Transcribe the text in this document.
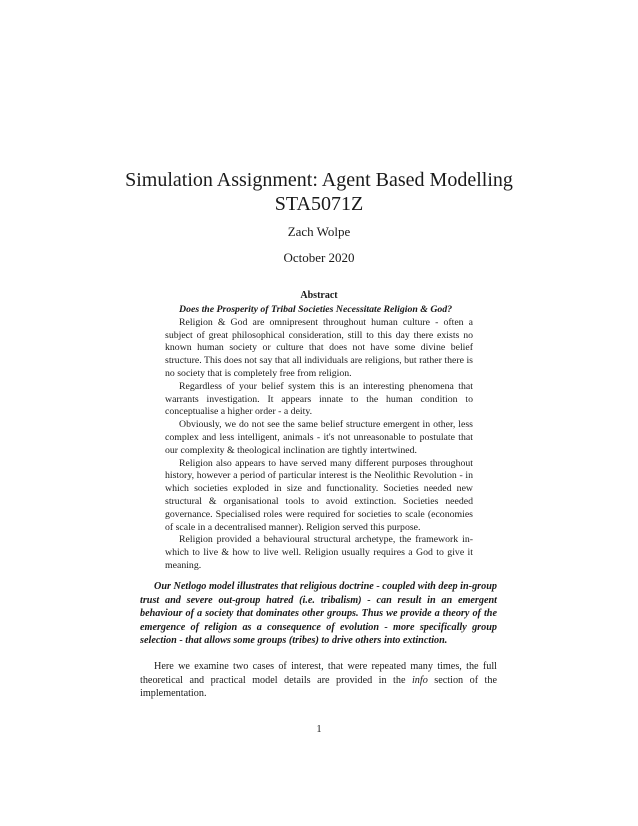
Simulation Assignment: Agent Based Modelling
STA5071Z
Zach Wolpe
October 2020
Abstract

Does the Prosperity of Tribal Societies Necessitate Religion & God?

Religion & God are omnipresent throughout human culture - often a subject of great philosophical consideration, still to this day there exists no known human society or culture that does not have some divine belief structure. This does not say that all individuals are religions, but rather there is no society that is completely free from religion.

Regardless of your belief system this is an interesting phenomena that warrants investigation. It appears innate to the human condition to conceptualise a higher order - a deity.

Obviously, we do not see the same belief structure emergent in other, less complex and less intelligent, animals - it's not unreasonable to postulate that our complexity & theological inclination are tightly intertwined.

Religion also appears to have served many different purposes throughout history, however a period of particular interest is the Neolithic Revolution - in which societies exploded in size and functionality. Societies needed new structural & organisational tools to avoid extinction. Societies needed governance. Specialised roles were required for societies to scale (economies of scale in a decentralised manner). Religion served this purpose.

Religion provided a behavioural structural archetype, the framework in-which to live & how to live well. Religion usually requires a God to give it meaning.

Our Netlogo model illustrates that religious doctrine - coupled with deep in-group trust and severe out-group hatred (i.e. tribalism) - can result in an emergent behaviour of a society that dominates other groups. Thus we provide a theory of the emergence of religion as a consequence of evolution - more specifically group selection - that allows some groups (tribes) to drive others into extinction.

Here we examine two cases of interest, that were repeated many times, the full theoretical and practical model details are provided in the info section of the implementation.

1
